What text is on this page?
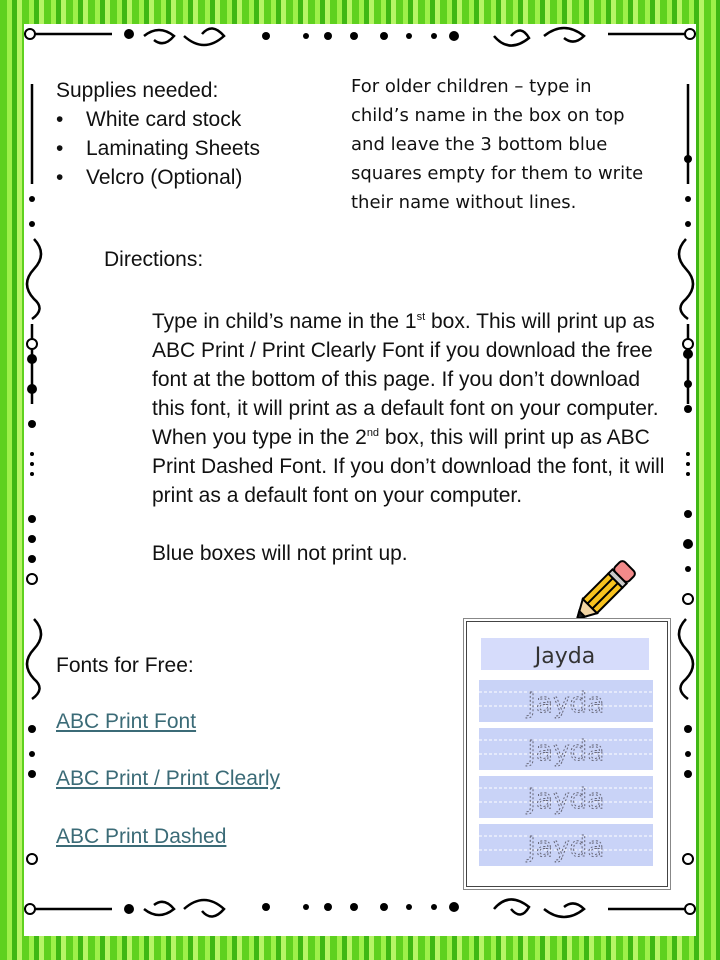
Supplies needed:
• White card stock
• Laminating Sheets
• Velcro (Optional)
For older children – type in child’s name in the box on top and leave the 3 bottom blue squares empty for them to write their name without lines.
Directions:

Type in child’s name in the 1st box. This will print up as ABC Print / Print Clearly Font if you download the free font at the bottom of this page. If you don’t download this font, it will print as a default font on your computer.

When you type in the 2nd box, this will print up as ABC Print Dashed Font. If you don’t download the font, it will print as a default font on your computer.

Blue boxes will not print up.

Fonts for Free:
ABC Print Font
ABC Print / Print Clearly
ABC Print Dashed
Jayda
Jayda
Jayda
Jayda
Jayda
